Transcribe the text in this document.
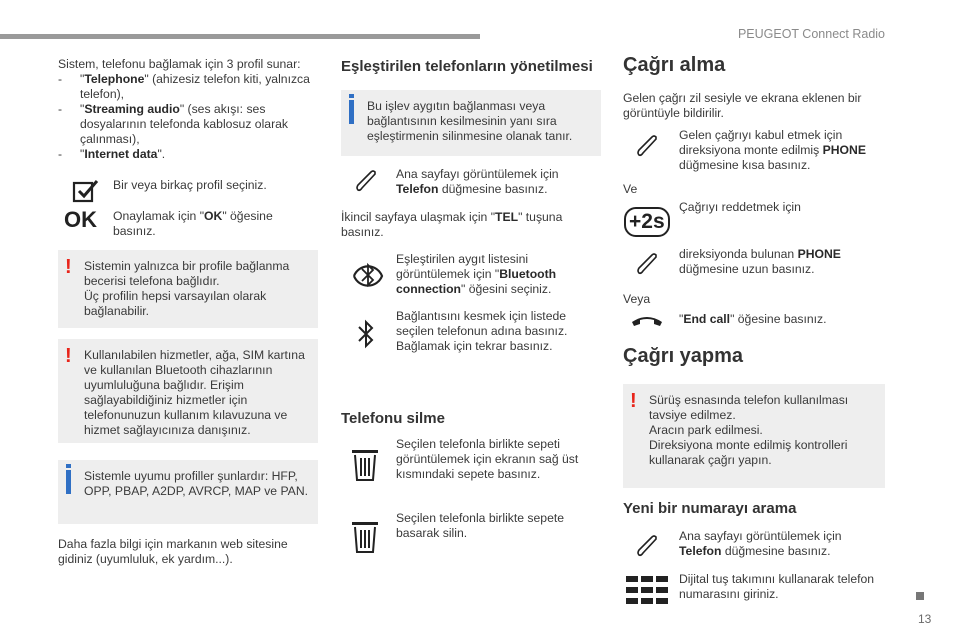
PEUGEOT Connect Radio
Sistem, telefonu bağlamak için 3 profil sunar:
- "Telephone" (ahizesiz telefon kiti, yalnızca telefon),
- "Streaming audio" (ses akışı: ses dosyalarının telefonda kablosuz olarak çalınması),
- "Internet data".
Bir veya birkaç profil seçiniz.
OK Onaylamak için "OK" öğesine basınız.
! Sistemin yalnızca bir profile bağlanma becerisi telefona bağlıdır.
Üç profilin hepsi varsayılan olarak bağlanabilir.
! Kullanılabilen hizmetler, ağa, SIM kartına ve kullanılan Bluetooth cihazlarının uyumluluğuna bağlıdır. Erişim sağlayabildiğiniz hizmetler için telefonunuzun kullanım kılavuzuna ve hizmet sağlayıcınıza danışınız.
Sistemle uyumu profiller şunlardır: HFP, OPP, PBAP, A2DP, AVRCP, MAP ve PAN.
Daha fazla bilgi için markanın web sitesine gidiniz (uyumluluk, ek yardım...).
Eşleştirilen telefonların yönetilmesi
Bu işlev aygıtın bağlanması veya bağlantısının kesilmesinin yanı sıra eşleştirmenin silinmesine olanak tanır.
Ana sayfayı görüntülemek için Telefon düğmesine basınız.
İkincil sayfaya ulaşmak için "TEL" tuşuna basınız.
Eşleştirilen aygıt listesini görüntülemek için "Bluetooth connection" öğesini seçiniz.
Bağlantısını kesmek için listede seçilen telefonun adına basınız.
Bağlamak için tekrar basınız.
Telefonu silme
Seçilen telefonla birlikte sepeti görüntülemek için ekranın sağ üst kısmındaki sepete basınız.
Seçilen telefonla birlikte sepete basarak silin.
Çağrı alma
Gelen çağrı zil sesiyle ve ekrana eklenen bir görüntüyle bildirilir.
Gelen çağrıyı kabul etmek için direksiyona monte edilmiş PHONE düğmesine kısa basınız.
Ve
+2s
Çağrıyı reddetmek için
direksiyonda bulunan PHONE düğmesine uzun basınız.
Veya
"End call" öğesine basınız.
Çağrı yapma
! Sürüş esnasında telefon kullanılması tavsiye edilmez.
Aracın park edilmesi.
Direksiyona monte edilmiş kontrolleri kullanarak çağrı yapın.
Yeni bir numarayı arama
Ana sayfayı görüntülemek için Telefon düğmesine basınız.
Dijital tuş takımını kullanarak telefon numarasını giriniz.
13
